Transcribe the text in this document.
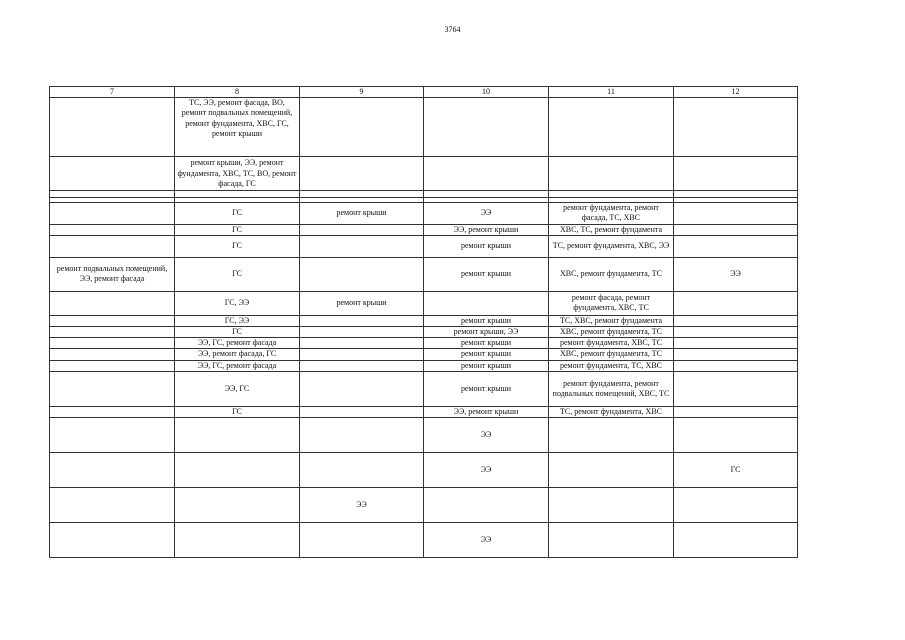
3764
7	8	9	10	11	12
	ТС, ЭЭ, ремонт фасада, ВО, ремонт подвальных помещений, ремонт фундамента, ХВС, ГС, ремонт крыши				
	ремонт крыши, ЭЭ, ремонт фундамента, ХВС, ТС, ВО, ремонт фасада, ГС				

	ГС	ремонт крыши	ЭЭ	ремонт фундамента, ремонт фасада, ТС, ХВС	
	ГС		ЭЭ, ремонт крыши	ХВС, ТС, ремонт фундамента	
	ГС		ремонт крыши	ТС, ремонт фундамента, ХВС, ЭЭ	
ремонт подвальных помещений, ЭЭ, ремонт фасада	ГС		ремонт крыши	ХВС, ремонт фундамента, ТС	ЭЭ
	ГС, ЭЭ	ремонт крыши		ремонт фасада, ремонт фундамента, ХВС, ТС	
	ГС, ЭЭ		ремонт крыши	ТС, ХВС, ремонт фундамента	
	ГС		ремонт крыши, ЭЭ	ХВС, ремонт фундамента, ТС	
	ЭЭ, ГС, ремонт фасада		ремонт крыши	ремонт фундамента, ХВС, ТС	
	ЭЭ, ремонт фасада, ГС		ремонт крыши	ХВС, ремонт фундамента, ТС	
	ЭЭ, ГС, ремонт фасада		ремонт крыши	ремонт фундамента, ТС, ХВС	
	ЭЭ, ГС		ремонт крыши	ремонт фундамента, ремонт подвальных помещений, ХВС, ТС	
	ГС		ЭЭ, ремонт крыши	ТС, ремонт фундамента, ХВС	
			ЭЭ		
			ЭЭ		ГС
		ЭЭ			
			ЭЭ		
